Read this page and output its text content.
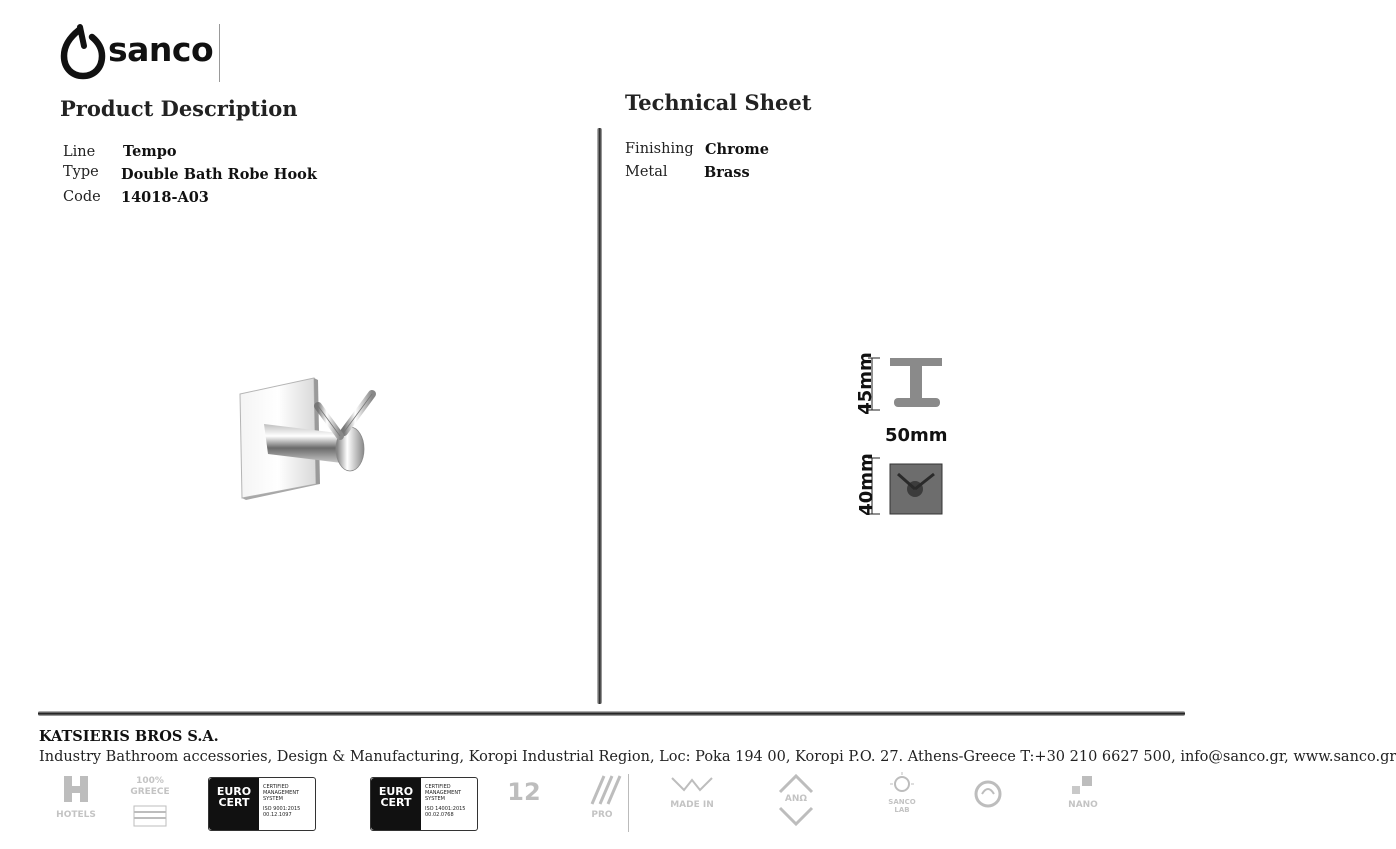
sanco
Product Description
Line Tempo
Type Double Bath Robe Hook
Code 14018-A03
Technical Sheet
Finishing Chrome
Metal	Brass
45mm
50mm
40mm
KATSIERIS BROS S.A.
Industry Bathroom accessories, Design & Manufacturing, Koropi Industrial Region, Loc: Poka 194 00, Koropi P.O. 27. Athens-Greece T:+30 210 6627 500, info@sanco.gr, www.sanco.gr
HOTELS
100% GREECE	EURO CERT
CERTIFIED
MANAGEMENT
SYSTEM
ISO 9001:2015
00.12.1097
EURO CERT
CERTIFIED
MANAGEMENT
SYSTEM
ISO 14001:2015
00.02.0768
12
PRO
MADE IN
ΑΝΩ	SANCO LAB	NANO
